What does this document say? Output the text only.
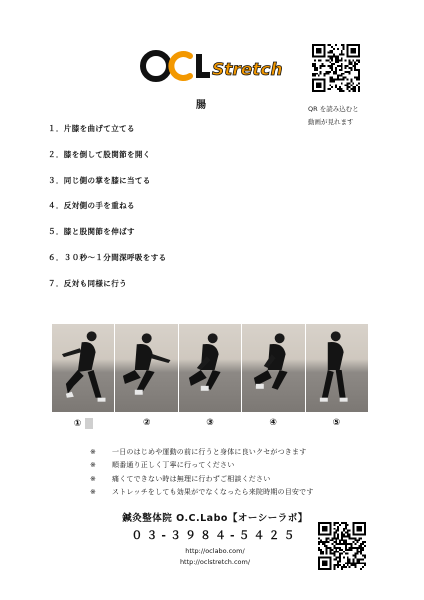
Stretch
QR を読み込むと
動画が見れます
腸
１．片膝を曲げて立てる
２．膝を倒して股関節を開く
３．同じ側の掌を膝に当てる
４．反対側の手を重ねる
５．膝と股関節を伸ばす
６．３０秒～１分間深呼吸をする
７．反対も同様に行う
①	②	③	④	⑤
※ 一日のはじめや運動の前に行うと身体に良いクセがつきます
※ 順番通り正しく丁寧に行ってください
※ 痛くてできない時は無理に行わずご相談ください
※ ストレッチをしても効果がでなくなったら来院時期の目安です
鍼灸整体院 O.C.Labo【オーシーラボ】
０３-３９８４-５４２５
http://oclabo.com/
http://oclstretch.com/
